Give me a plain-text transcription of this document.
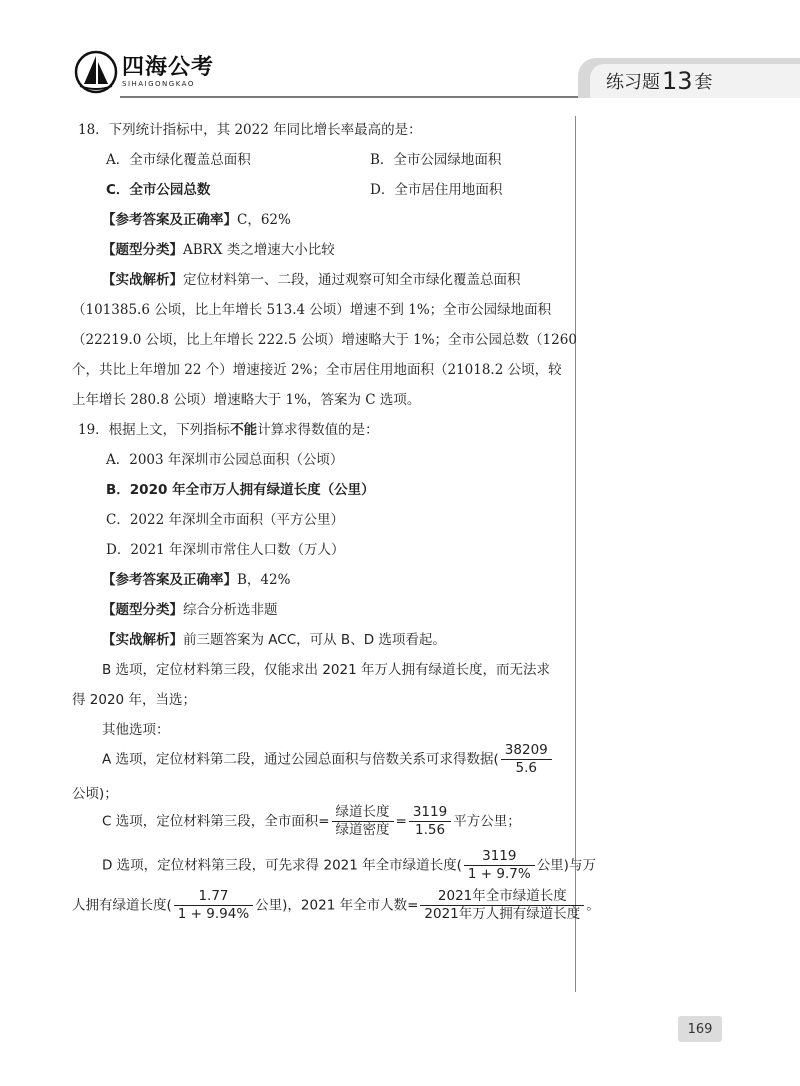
四海公考
SIHAIGONGKAO	练习题 13 套
18．下列统计指标中，其 2022 年同比增长率最高的是：
A．全市绿化覆盖总面积	B．全市公园绿地面积
C．全市公园总数	D．全市居住用地面积
【参考答案及正确率】C，62%
【题型分类】ABRX 类之增速大小比较
【实战解析】定位材料第一、二段，通过观察可知全市绿化覆盖总面积
（101385.6 公顷，比上年增长 513.4 公顷）增速不到 1%；全市公园绿地面积
（22219.0 公顷，比上年增长 222.5 公顷）增速略大于 1%；全市公园总数（1260
个，共比上年增加 22 个）增速接近 2%；全市居住用地面积（21018.2 公顷，较
上年增长 280.8 公顷）增速略大于 1%，答案为 C 选项。
19．根据上文，下列指标不能计算求得数值的是：
A．2003 年深圳市公园总面积（公顷）
B．2020 年全市万人拥有绿道长度（公里）
C．2022 年深圳全市面积（平方公里）
D．2021 年深圳市常住人口数（万人）
【参考答案及正确率】B，42%
【题型分类】综合分析选非题
【实战解析】前三题答案为 ACC，可从 B、D 选项看起。
B 选项，定位材料第三段，仅能求出 2021 年万人拥有绿道长度，而无法求
得 2020 年，当选；
其他选项：
A 选项，定位材料第二段，通过公园总面积与倍数关系可求得数据( $\frac{38209}{5.6}$
公顷)；
C 选项，定位材料第三段，全市面积= $\frac{\text{绿道长度}}{\text{绿道密度}} = \frac{3119}{1.56}$ 平方公里；
D 选项，定位材料第三段，可先求得 2021 年全市绿道长度( $\frac{3119}{1 + 9.7\%}$ 公里)与万
人拥有绿道长度( $\frac{1.77}{1 + 9.94\%}$ 公里)，2021 年全市人数= $\frac{\text{2021年全市绿道长度}}{\text{2021年万人拥有绿道长度}}$ 。
169
